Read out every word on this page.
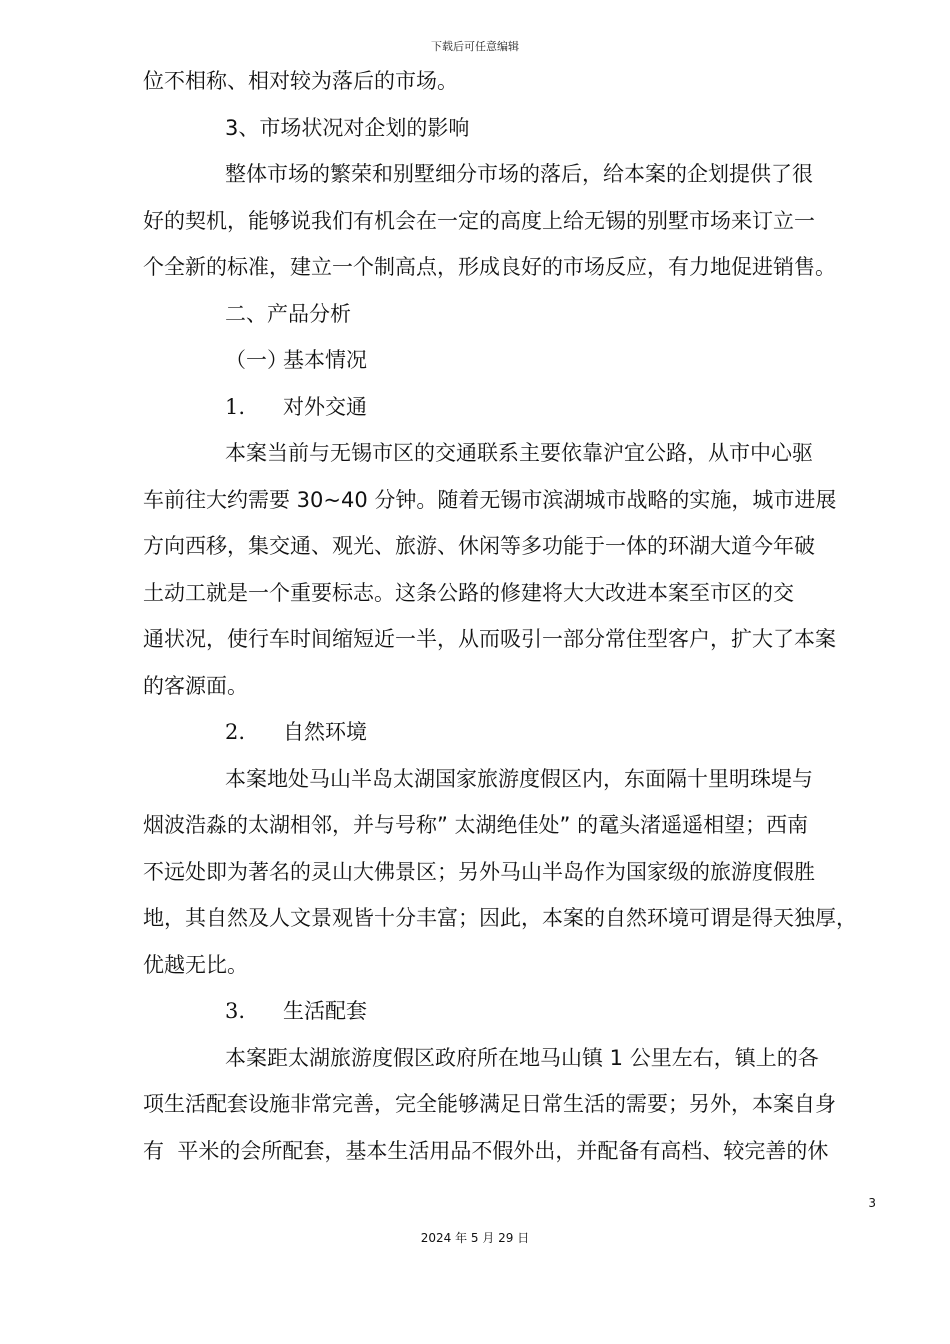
下载后可任意编辑
位不相称、相对较为落后的市场。
3、市场状况对企划的影响
整体市场的繁荣和别墅细分市场的落后，给本案的企划提供了很
好的契机，能够说我们有机会在一定的高度上给无锡的别墅市场来订立一
个全新的标准，建立一个制高点，形成良好的市场反应，有力地促进销售。
二、产品分析
（一）基本情况
1. 对外交通
本案当前与无锡市区的交通联系主要依靠沪宜公路，从市中心驱
车前往大约需要 30~40 分钟。随着无锡市滨湖城市战略的实施，城市进展
方向西移，集交通、观光、旅游、休闲等多功能于一体的环湖大道今年破
土动工就是一个重要标志。这条公路的修建将大大改进本案至市区的交
通状况，使行车时间缩短近一半，从而吸引一部分常住型客户，扩大了本案
的客源面。
2. 自然环境
本案地处马山半岛太湖国家旅游度假区内，东面隔十里明珠堤与
烟波浩淼的太湖相邻，并与号称” 太湖绝佳处” 的鼋头渚遥遥相望；西南
不远处即为著名的灵山大佛景区；另外马山半岛作为国家级的旅游度假胜
地，其自然及人文景观皆十分丰富；因此，本案的自然环境可谓是得天独厚，
优越无比。
3. 生活配套
本案距太湖旅游度假区政府所在地马山镇 1 公里左右，镇上的各
项生活配套设施非常完善，完全能够满足日常生活的需要；另外，本案自身
有  平米的会所配套，基本生活用品不假外出，并配备有高档、较完善的休
3
2024 年 5 月 29 日
